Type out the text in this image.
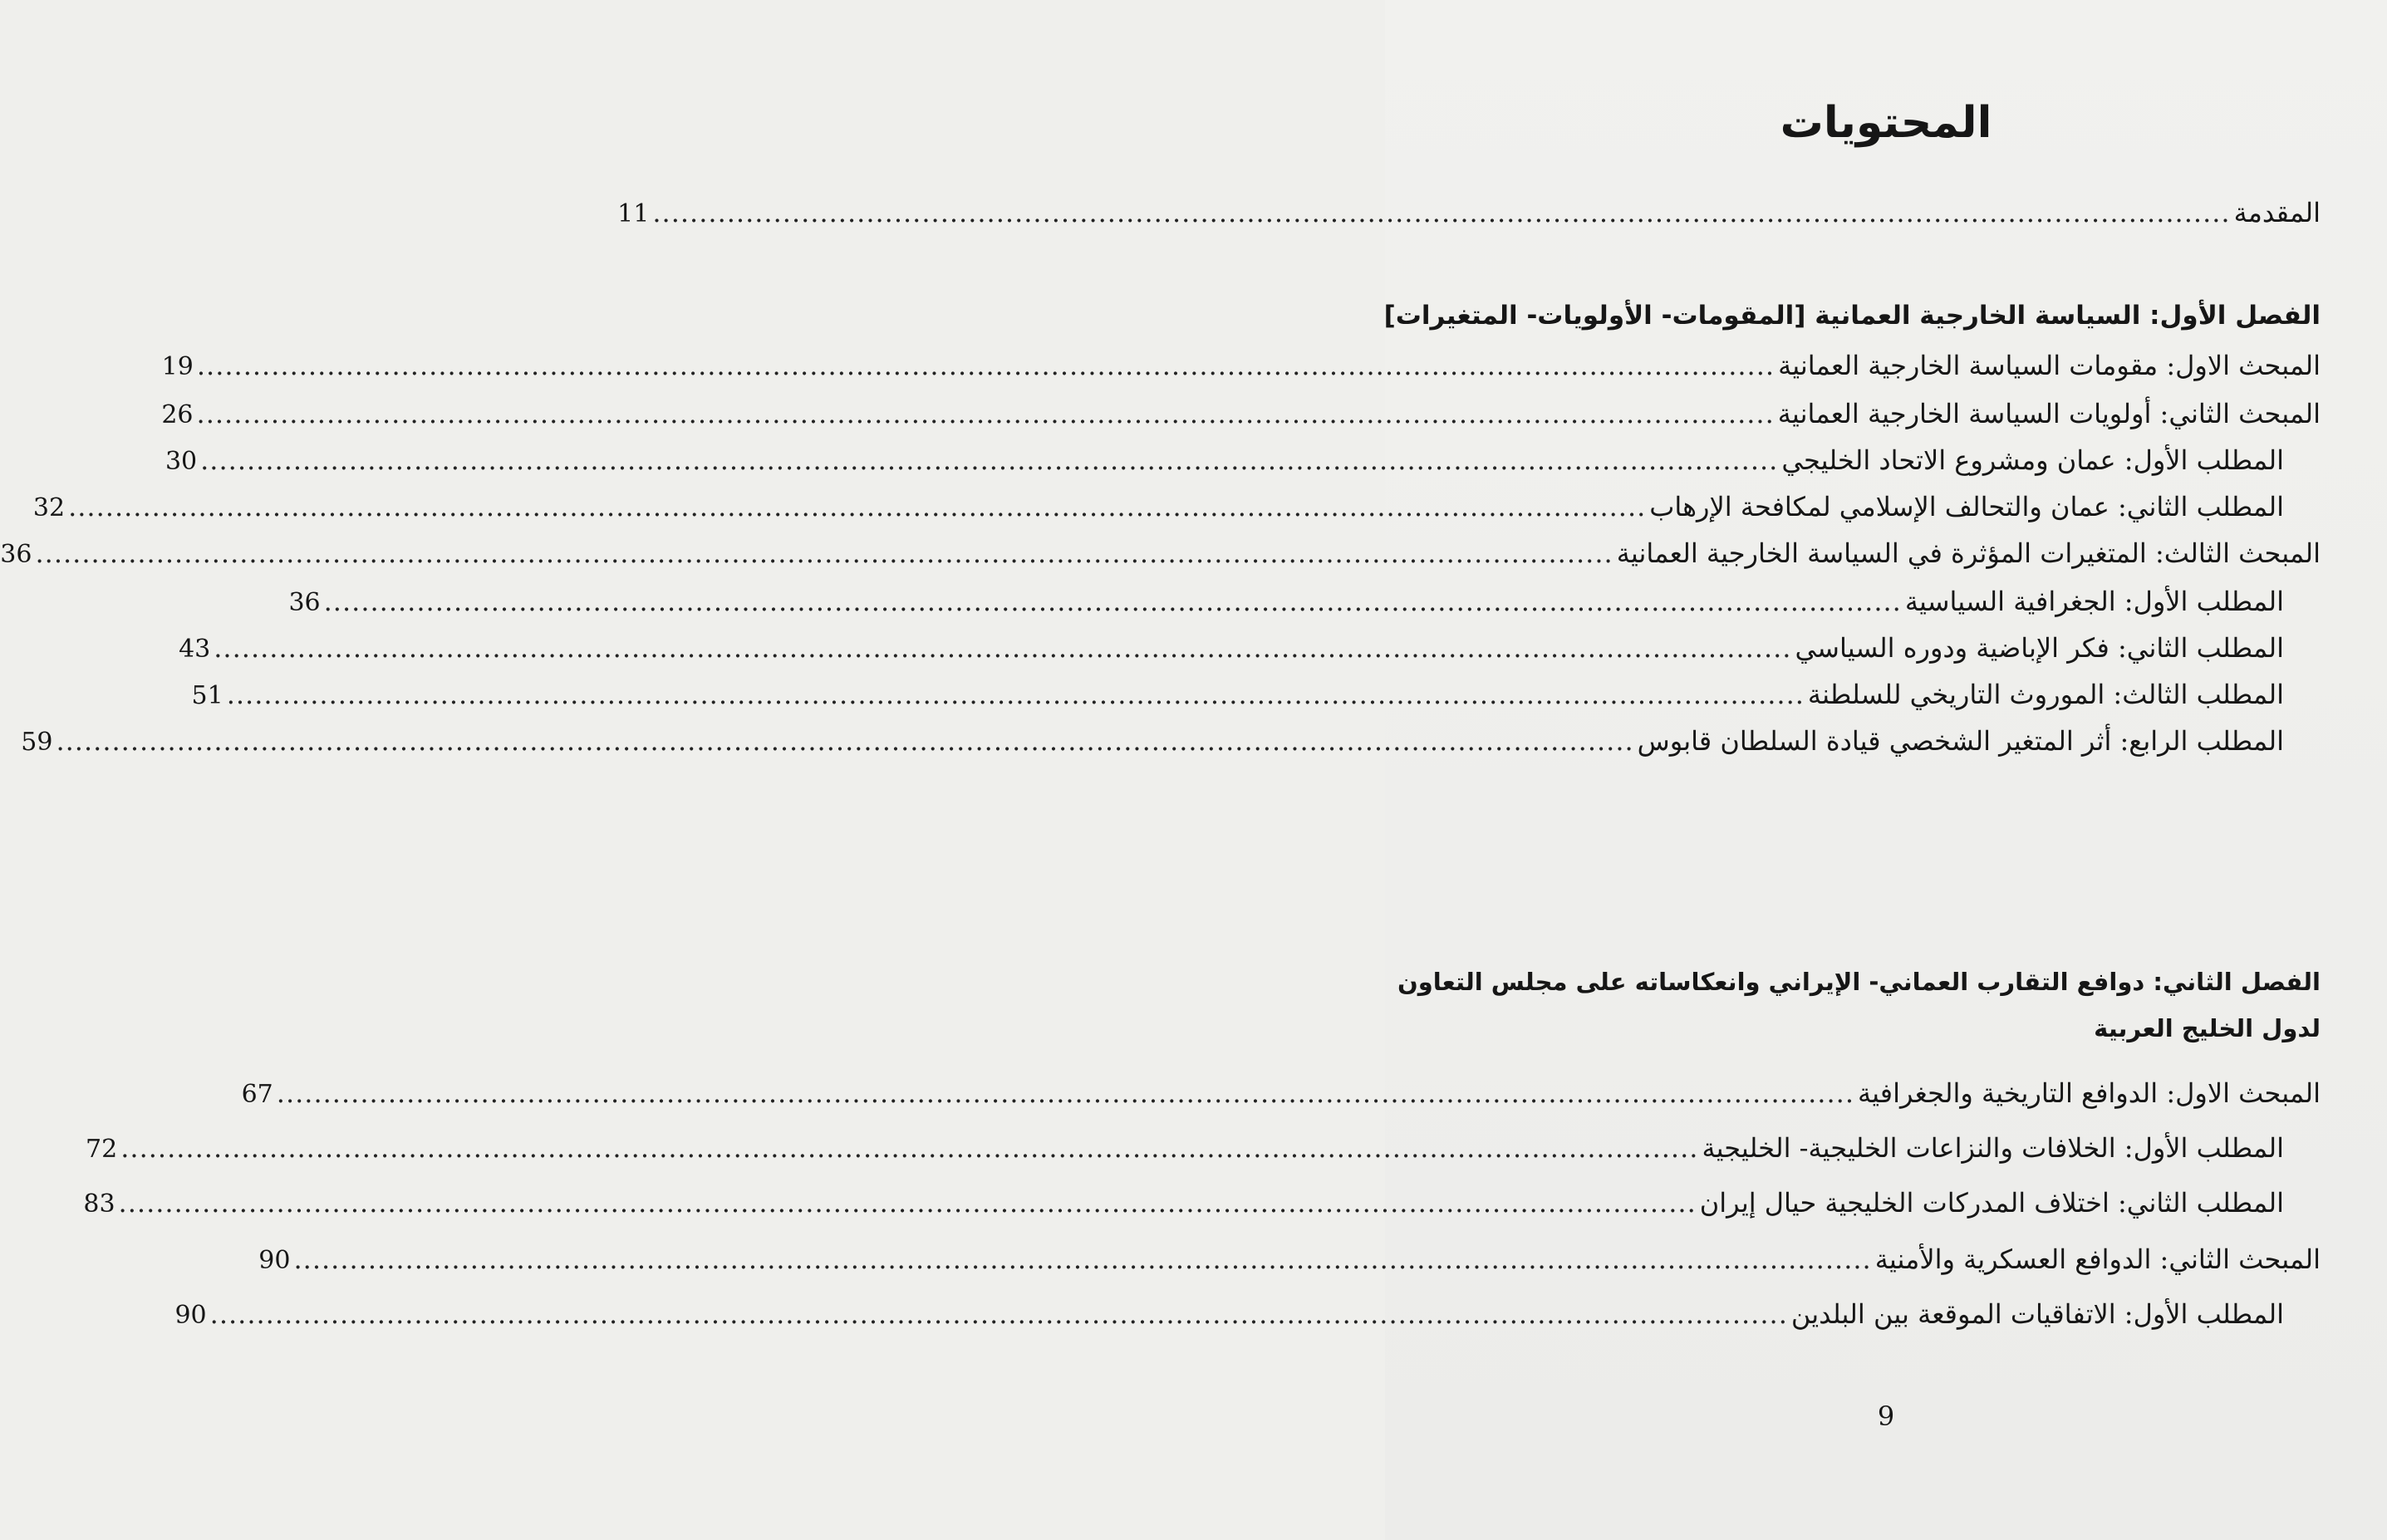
المحتويات
المقدمة
..........................................................................................................................................................................
11
الفصل الأول: السياسة الخارجية العمانية [المقومات- الأولويات- المتغيرات]
المبحث الاول: مقومات السياسة الخارجية العمانية
..........................................................................................................................................................................
19
المبحث الثاني: أولويات السياسة الخارجية العمانية
..........................................................................................................................................................................
26
المطلب الأول: عمان ومشروع الاتحاد الخليجي
..........................................................................................................................................................................
30
المطلب الثاني: عمان والتحالف الإسلامي لمكافحة الإرهاب
..........................................................................................................................................................................
32
المبحث الثالث: المتغيرات المؤثرة في السياسة الخارجية العمانية
..........................................................................................................................................................................
36
المطلب الأول: الجغرافية السياسية
..........................................................................................................................................................................
36
المطلب الثاني: فكر الإباضية ودوره السياسي
..........................................................................................................................................................................
43
المطلب الثالث: الموروث التاريخي للسلطنة
..........................................................................................................................................................................
51
المطلب الرابع: أثر المتغير الشخصي قيادة السلطان قابوس
..........................................................................................................................................................................
59
الفصل الثاني: دوافع التقارب العماني- الإيراني وانعكاساته على مجلس التعاون
لدول الخليج العربية
المبحث الاول: الدوافع التاريخية والجغرافية
..........................................................................................................................................................................
67
المطلب الأول: الخلافات والنزاعات الخليجية- الخليجية
..........................................................................................................................................................................
72
المطلب الثاني: اختلاف المدركات الخليجية حيال إيران
..........................................................................................................................................................................
83
المبحث الثاني: الدوافع العسكرية والأمنية
..........................................................................................................................................................................
90
المطلب الأول: الاتفاقيات الموقعة بين البلدين
..........................................................................................................................................................................
90
9
